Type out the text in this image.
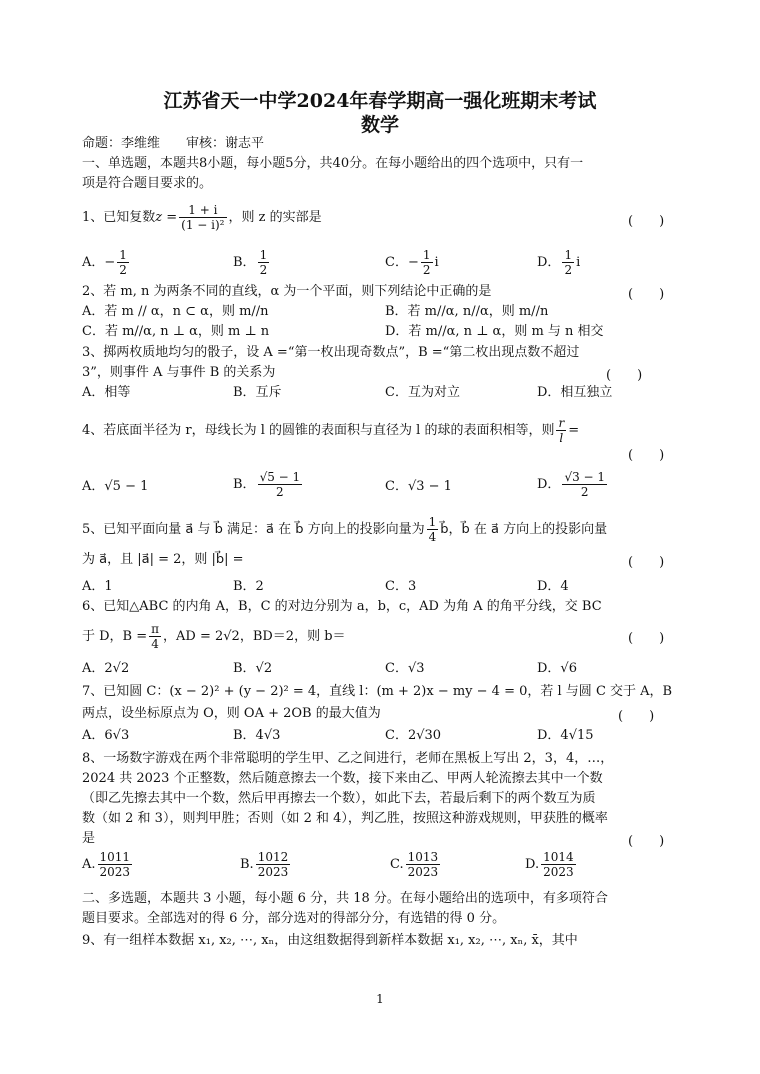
江苏省天一中学2024年春学期高一强化班期末考试
数学
命题：李维维　　审核：谢志平
一、单选题，本题共8小题，每小题5分，共40分。在每小题给出的四个选项中，只有一
项是符合题目要求的。
1、已知复数$z = \frac{1 + i}{\text{(1 − i)²}}$ ，则 z 的实部是	(　　)
A．− $\frac{1}{2}$	B． $\frac{1}{2}$	C．− $\frac{1}{2}$ i	D． $\frac{1}{2}$ i
2、若 m, n 为两条不同的直线，α 为一个平面，则下列结论中正确的是	(　　)
A．若 m // α，n ⊂ α，则 m//n	B．若 m//α, n//α，则 m//n
C．若 m//α, n ⊥ α，则 m ⊥ n	D．若 m//α, n ⊥ α，则 m 与 n 相交
3、掷两枚质地均匀的骰子，设 A =“第一枚出现奇数点”，B =“第二枚出现点数不超过
3”，则事件 A 与事件 B 的关系为	(　　)
A．相等	B．互斥	C．互为对立	D．相互独立
4、若底面半径为 r，母线长为 l 的圆锥的表面积与直径为 l 的球的表面积相等，则 $\frac{r}{l}$ =
(　　)
A．√5 − 1	B． $\frac{√5 - 1}{2}$	C．√3 − 1	D． $\frac{√3 - 1}{2}$
5、已知平面向量 a⃗ 与 b⃗ 满足：a⃗ 在 b⃗ 方向上的投影向量为 $\frac{1}{4}$ b⃗，b⃗ 在 a⃗ 方向上的投影向量
为 a⃗，且 |a⃗| = 2，则 |b⃗| =	(　　)
A．1	B．2	C．3	D．4
6、已知△ABC 的内角 A，B，C 的对边分别为 a，b，c，AD 为角 A 的角平分线，交 BC
于 D，$B = \frac{\pi}{4}$ ，AD = 2√2，BD＝2，则 b＝	(　　)
A．2√2	B．√2	C．√3	D．√6
7、已知圆 C：(x − 2)² + (y − 2)² = 4，直线 l：(m + 2)x − my − 4 = 0，若 l 与圆 C 交于 A，B
两点，设坐标原点为 O，则 OA + 2OB 的最大值为	(　　)
A．6√3	B．4√3	C．2√30	D．4√15
8、一场数字游戏在两个非常聪明的学生甲、乙之间进行，老师在黑板上写出 2，3，4，…，
2024 共 2023 个正整数，然后随意擦去一个数，接下来由乙、甲两人轮流擦去其中一个数
（即乙先擦去其中一个数，然后甲再擦去一个数），如此下去，若最后剩下的两个数互为质
数（如 2 和 3），则判甲胜；否则（如 2 和 4），判乙胜，按照这种游戏规则，甲获胜的概率
是	(　　)
A. $\frac{1011}{2023}$	B. $\frac{1012}{2023}$	C. $\frac{1013}{2023}$	D. $\frac{1014}{2023}$
二、多选题，本题共 3 小题，每小题 6 分，共 18 分。在每小题给出的选项中，有多项符合
题目要求。全部选对的得 6 分，部分选对的得部分分，有选错的得 0 分。
9、有一组样本数据 x₁, x₂, ⋯, xₙ，由这组数据得到新样本数据 x₁, x₂, ⋯, xₙ, x̄，其中
1
